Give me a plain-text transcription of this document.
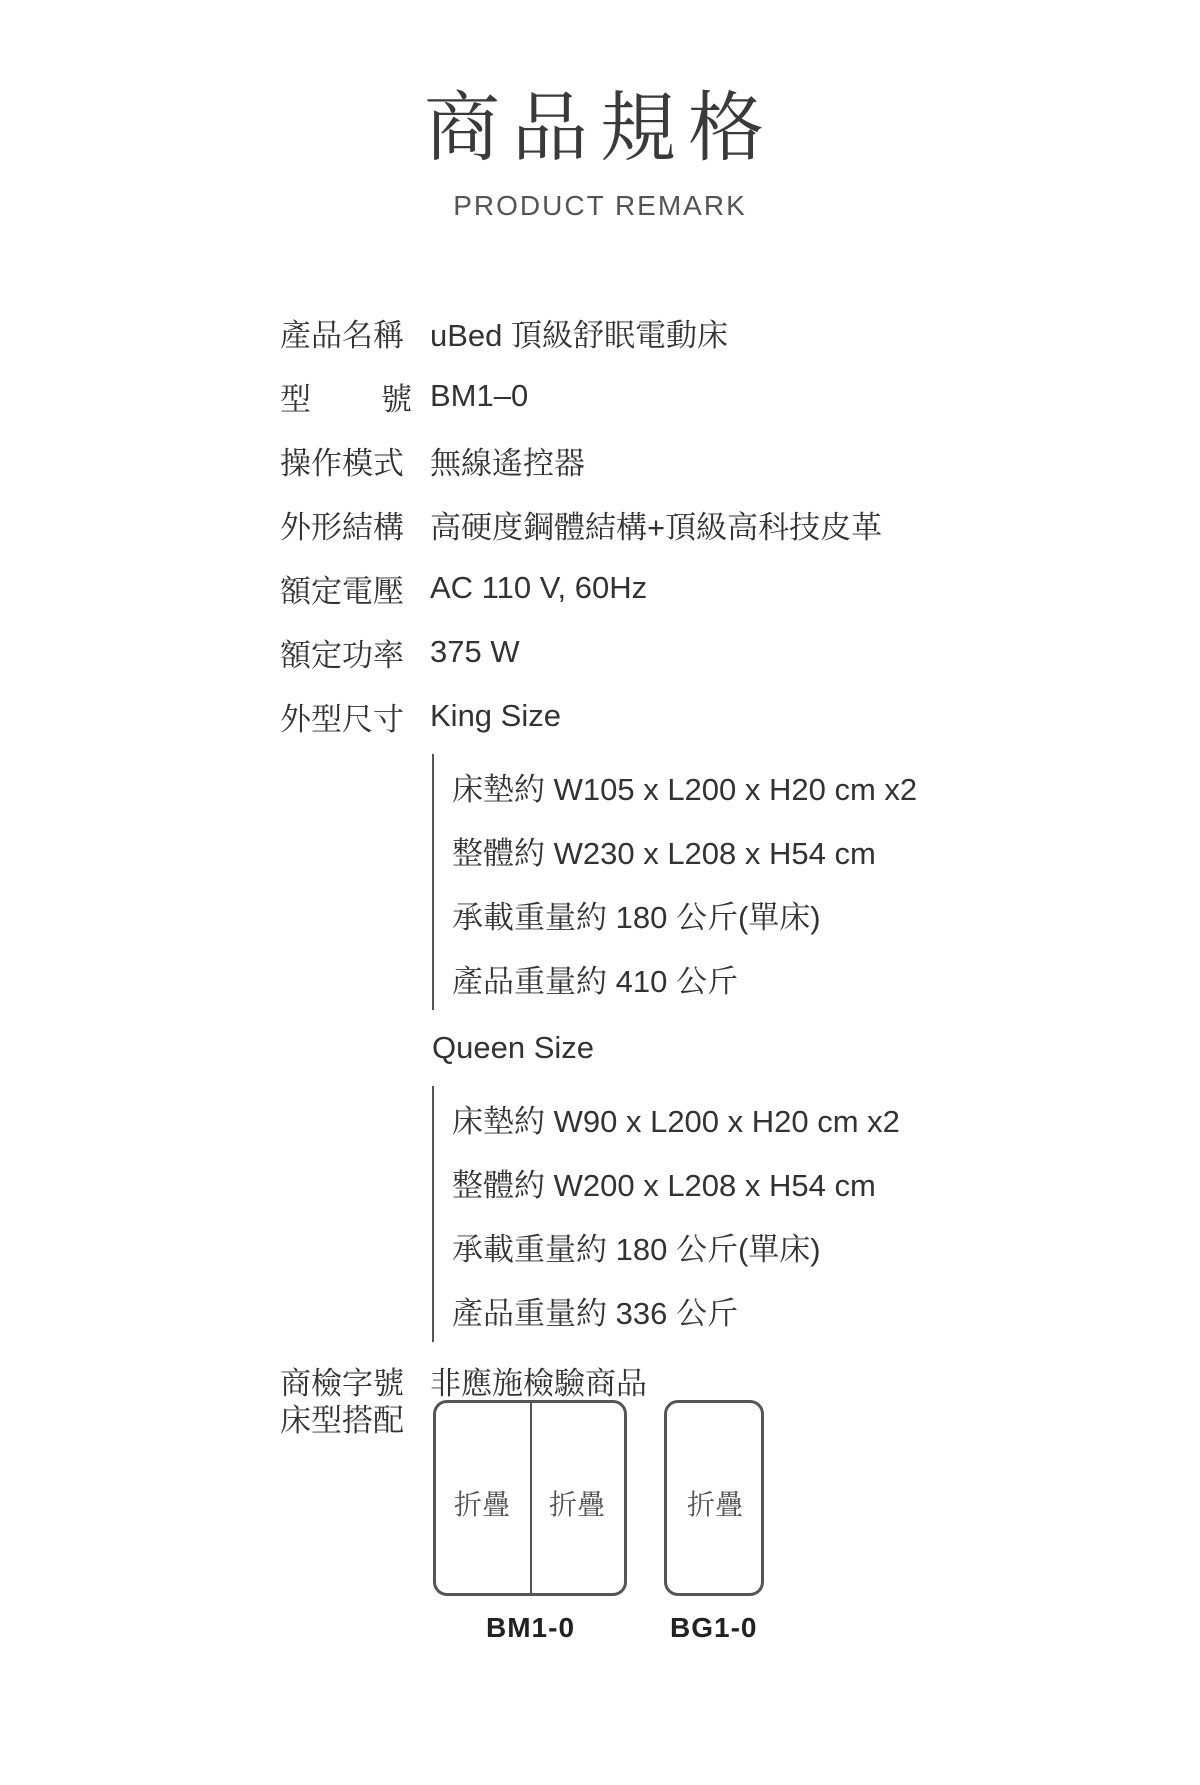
商品規格
PRODUCT REMARK
產品名稱 uBed 頂級舒眠電動床
型 號 BM1–0
操作模式 無線遙控器
外形結構 高硬度鋼體結構+頂級高科技皮革
額定電壓 AC 110 V, 60Hz
額定功率 375 W
外型尺寸 King Size
床墊約 W105 x L200 x H20 cm x2
整體約 W230 x L208 x H54 cm
承載重量約 180 公斤(單床)
產品重量約 410 公斤
Queen Size
床墊約 W90 x L200 x H20 cm x2
整體約 W200 x L208 x H54 cm
承載重量約 180 公斤(單床)
產品重量約 336 公斤
商檢字號 非應施檢驗商品
床型搭配
折疊 折疊	折疊
BM1-0	BG1-0
